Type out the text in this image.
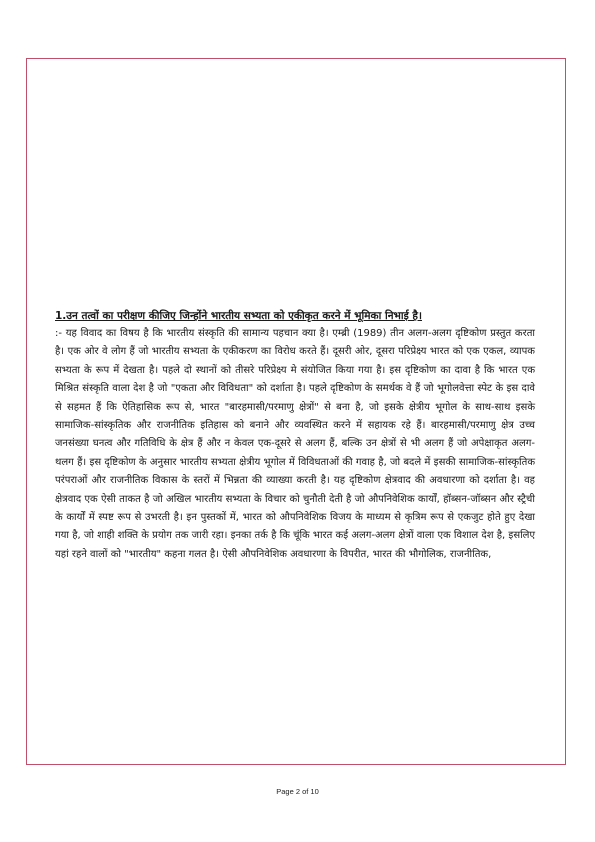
1.उन तत्वों का परीक्षण कीजिए जिन्होंने भारतीय सभ्यता को एकीकृत करने में भूमिका निभाई है।

:- यह विवाद का विषय है कि भारतीय संस्कृति की सामान्य पहचान क्या है। एम्ब्री (1989) तीन अलग-अलग दृष्टिकोण प्रस्तुत करता है। एक ओर वे लोग हैं जो भारतीय सभ्यता के एकीकरण का विरोध करते हैं। दूसरी ओर, दूसरा परिप्रेक्ष्य भारत को एक एकल, व्यापक सभ्यता के रूप में देखता है। पहले दो स्थानों को तीसरे परिप्रेक्ष्य मे संयोजित किया गया है। इस दृष्टिकोण का दावा है कि भारत एक मिश्रित संस्कृति वाला देश है जो "एकता और विविधता" को दर्शाता है। पहले दृष्टिकोण के समर्थक वे हैं जो भूगोलवेत्ता स्पेट के इस दावे से सहमत हैं कि ऐतिहासिक रूप से, भारत "बारहमासी/परमाणु क्षेत्रों" से बना है, जो इसके क्षेत्रीय भूगोल के साथ-साथ इसके सामाजिक-सांस्कृतिक और राजनीतिक इतिहास को बनाने और व्यवस्थित करने में सहायक रहे हैं। बारहमासी/परमाणु क्षेत्र उच्च जनसंख्या घनत्व और गतिविधि के क्षेत्र हैं और न केवल एक-दूसरे से अलग हैं, बल्कि उन क्षेत्रों से भी अलग हैं जो अपेक्षाकृत अलग-थलग हैं। इस दृष्टिकोण के अनुसार भारतीय सभ्यता क्षेत्रीय भूगोल में विविधताओं की गवाह है, जो बदले में इसकी सामाजिक-सांस्कृतिक परंपराओं और राजनीतिक विकास के स्तरों में भिन्नता की व्याख्या करती है। यह दृष्टिकोण क्षेत्रवाद की अवधारणा को दर्शाता है। वह क्षेत्रवाद एक ऐसी ताकत है जो अखिल भारतीय सभ्यता के विचार को चुनौती देती है जो औपनिवेशिक कार्यों, हॉब्सन-जॉब्सन और स्ट्रैची के कार्यों में स्पष्ट रूप से उभरती है। इन पुस्तकों में, भारत को औपनिवेशिक विजय के माध्यम से कृत्रिम रूप से एकजुट होते हुए देखा गया है, जो शाही शक्ति के प्रयोग तक जारी रहा। इनका तर्क है कि चूंकि भारत कई अलग-अलग क्षेत्रों वाला एक विशाल देश है, इसलिए यहां रहने वालों को "भारतीय" कहना गलत है। ऐसी औपनिवेशिक अवधारणा के विपरीत, भारत की भौगोलिक, राजनीतिक,

Page 2 of 10
